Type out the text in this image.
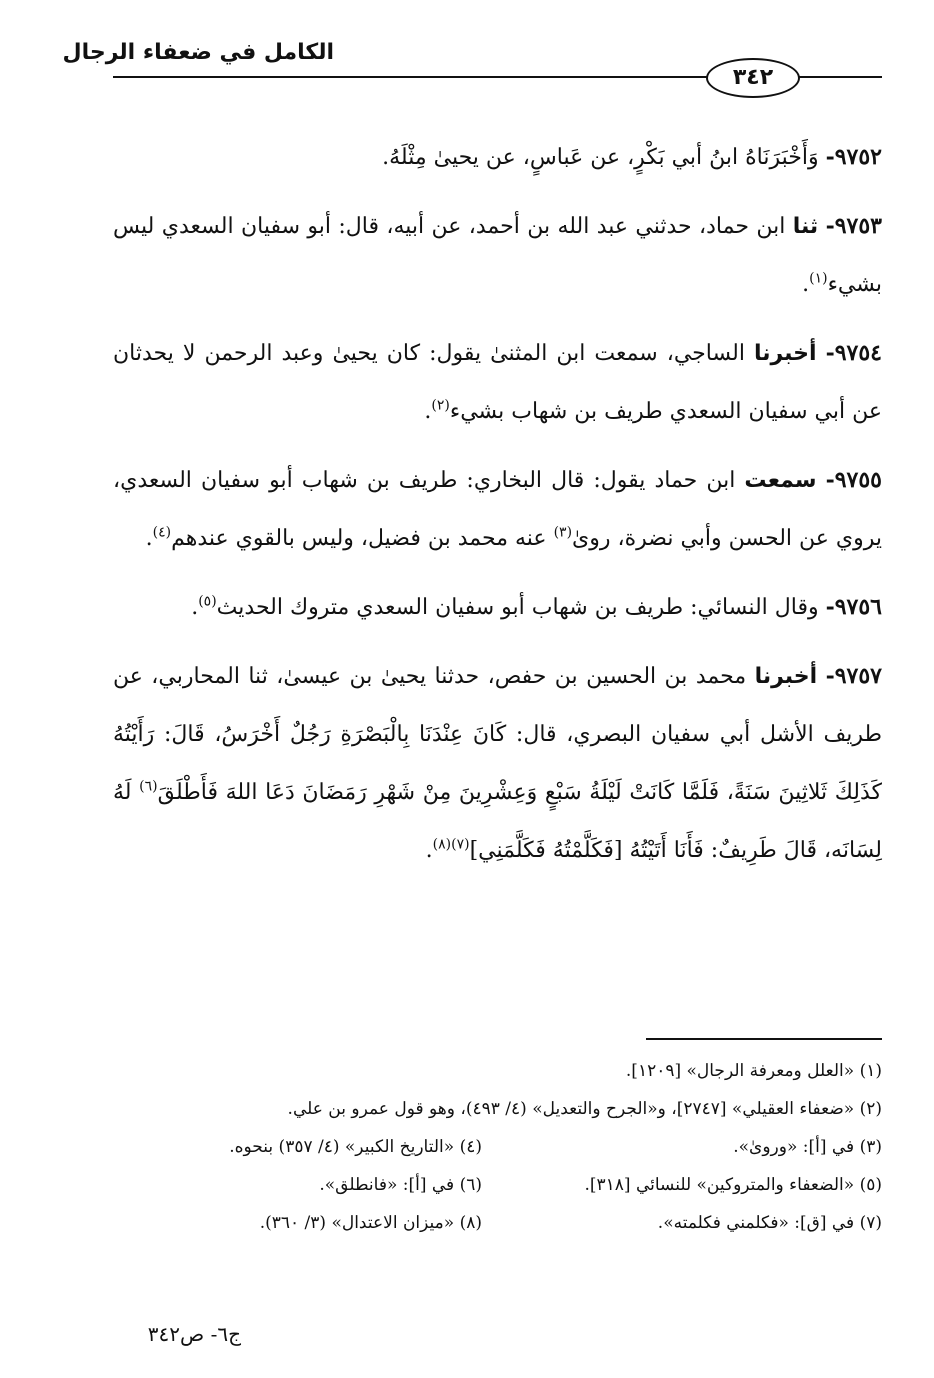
الكامل في ضعفاء الرجال
٣٤٢

٩٧٥٢- وَأَخْبَرَنَاهُ ابنُ أبي بَكْرٍ، عن عَباسٍ، عن يحيىٰ مِثْلَهُ.

٩٧٥٣- ثنا ابن حماد، حدثني عبد الله بن أحمد، عن أبيه، قال: أبو سفيان السعدي ليس بشيء$^{(١)}$.

٩٧٥٤- أخبرنا الساجي، سمعت ابن المثنىٰ يقول: كان يحيىٰ وعبد الرحمن لا يحدثان عن أبي سفيان السعدي طريف بن شهاب بشيء$^{(٢)}$.

٩٧٥٥- سمعت ابن حماد يقول: قال البخاري: طريف بن شهاب أبو سفيان السعدي، يروي عن الحسن وأبي نضرة، روىٰ$^{(٣)}$ عنه محمد بن فضيل، وليس بالقوي عندهم$^{(٤)}$.

٩٧٥٦- وقال النسائي: طريف بن شهاب أبو سفيان السعدي متروك الحديث$^{(٥)}$.

٩٧٥٧- أخبرنا محمد بن الحسين بن حفص، حدثنا يحيىٰ بن عيسىٰ، ثنا المحاربي، عن طريف الأشل أبي سفيان البصري، قال: كَانَ عِنْدَنَا بِالْبَصْرَةِ رَجُلٌ أَخْرَسُ، قَالَ: رَأَيْتُهُ كَذَلِكَ ثَلاثِينَ سَنَةً، فَلَمَّا كَانَتْ لَيْلَةُ سَبْعٍ وَعِشْرِينَ مِنْ شَهْرِ رَمَضَانَ دَعَا اللهَ فَأَطْلَقَ$^{(٦)}$ لَهُ لِسَانَه، قَالَ طَرِيفٌ: فَأَنَا أَتَيْتُهُ [فَكَلَّمْتُهُ فَكَلَّمَنِي]$^{(٧)(٨)}$.

(١) «العلل ومعرفة الرجال» [١٢٠٩].
(٢) «ضعفاء العقيلي» [٢٧٤٧]، و«الجرح والتعديل» (٤/ ٤٩٣)، وهو قول عمرو بن علي.
(٣) في [أ]: «وروىٰ».
(٤) «التاريخ الكبير» (٤/ ٣٥٧) بنحوه.
(٥) «الضعفاء والمتروكين» للنسائي [٣١٨].
(٦) في [أ]: «فانطلق».
(٧) في [ق]: «فكلمني فكلمته».
(٨) «ميزان الاعتدال» (٣/ ٣٦٠).
ج٦- ص٣٤٢
